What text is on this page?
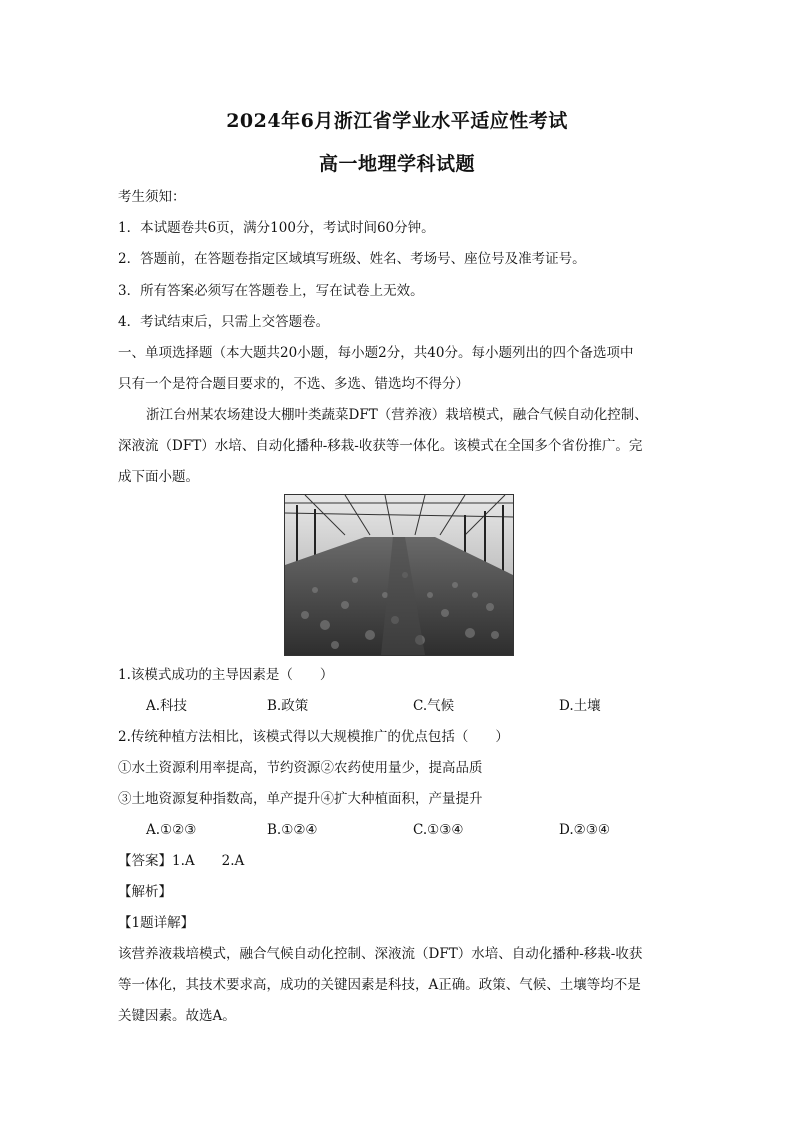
2024年6月浙江省学业水平适应性考试
高一地理学科试题
考生须知：
1．本试题卷共6页，满分100分，考试时间60分钟。
2．答题前，在答题卷指定区域填写班级、姓名、考场号、座位号及准考证号。
3．所有答案必须写在答题卷上，写在试卷上无效。
4．考试结束后，只需上交答题卷。
一、单项选择题（本大题共20小题，每小题2分，共40分。每小题列出的四个备选项中
只有一个是符合题目要求的，不选、多选、错选均不得分）
浙江台州某农场建设大棚叶类蔬菜DFT（营养液）栽培模式，融合气候自动化控制、
深液流（DFT）水培、自动化播种-移栽-收获等一体化。该模式在全国多个省份推广。完
成下面小题。
1.该模式成功的主导因素是（　　）
A.科技	B.政策	C.气候	D.土壤
2.传统种植方法相比，该模式得以大规模推广的优点包括（　　）
①水土资源利用率提高，节约资源②农药使用量少，提高品质
③土地资源复种指数高，单产提升④扩大种植面积，产量提升
A.①②③	B.①②④	C.①③④	D.②③④
【答案】1.A　　2.A
【解析】
【1题详解】
该营养液栽培模式，融合气候自动化控制、深液流（DFT）水培、自动化播种-移栽-收获
等一体化，其技术要求高，成功的关键因素是科技，A正确。政策、气候、土壤等均不是
关键因素。故选A。
